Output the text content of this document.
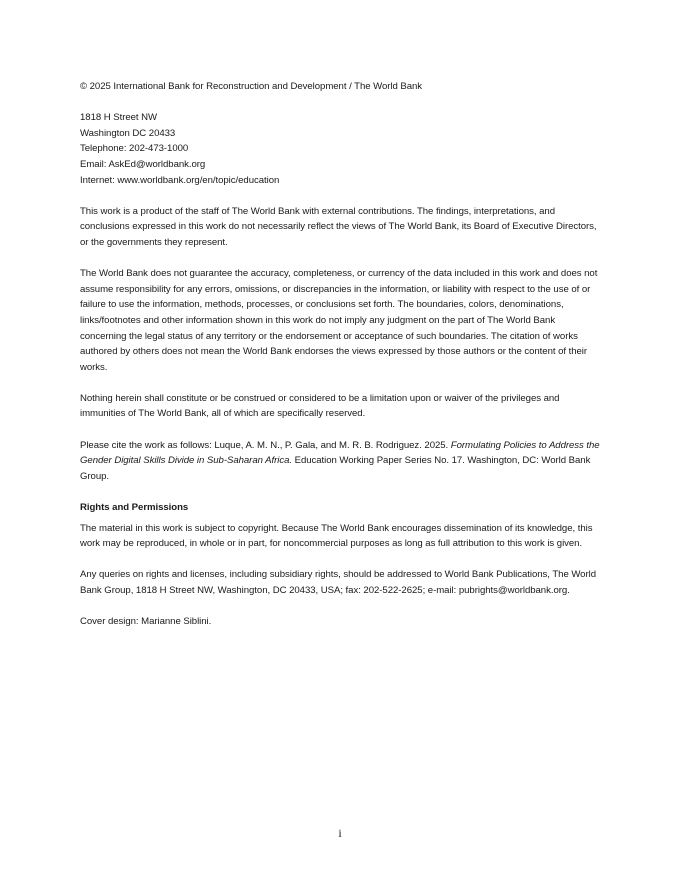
© 2025 International Bank for Reconstruction and Development / The World Bank

1818 H Street NW
Washington DC 20433
Telephone: 202-473-1000
Email: AskEd@worldbank.org
Internet: www.worldbank.org/en/topic/education

This work is a product of the staff of The World Bank with external contributions. The findings, interpretations, and conclusions expressed in this work do not necessarily reflect the views of The World Bank, its Board of Executive Directors, or the governments they represent.

The World Bank does not guarantee the accuracy, completeness, or currency of the data included in this work and does not assume responsibility for any errors, omissions, or discrepancies in the information, or liability with respect to the use of or failure to use the information, methods, processes, or conclusions set forth. The boundaries, colors, denominations, links/footnotes and other information shown in this work do not imply any judgment on the part of The World Bank concerning the legal status of any territory or the endorsement or acceptance of such boundaries. The citation of works authored by others does not mean the World Bank endorses the views expressed by those authors or the content of their works.

Nothing herein shall constitute or be construed or considered to be a limitation upon or waiver of the privileges and immunities of The World Bank, all of which are specifically reserved.

Please cite the work as follows: Luque, A. M. N., P. Gala, and M. R. B. Rodriguez. 2025. Formulating Policies to Address the Gender Digital Skills Divide in Sub-Saharan Africa. Education Working Paper Series No. 17. Washington, DC: World Bank Group.

Rights and Permissions

The material in this work is subject to copyright. Because The World Bank encourages dissemination of its knowledge, this work may be reproduced, in whole or in part, for noncommercial purposes as long as full attribution to this work is given.

Any queries on rights and licenses, including subsidiary rights, should be addressed to World Bank Publications, The World Bank Group, 1818 H Street NW, Washington, DC 20433, USA; fax: 202-522-2625; e-mail: pubrights@worldbank.org.

Cover design: Marianne Siblini.

i
